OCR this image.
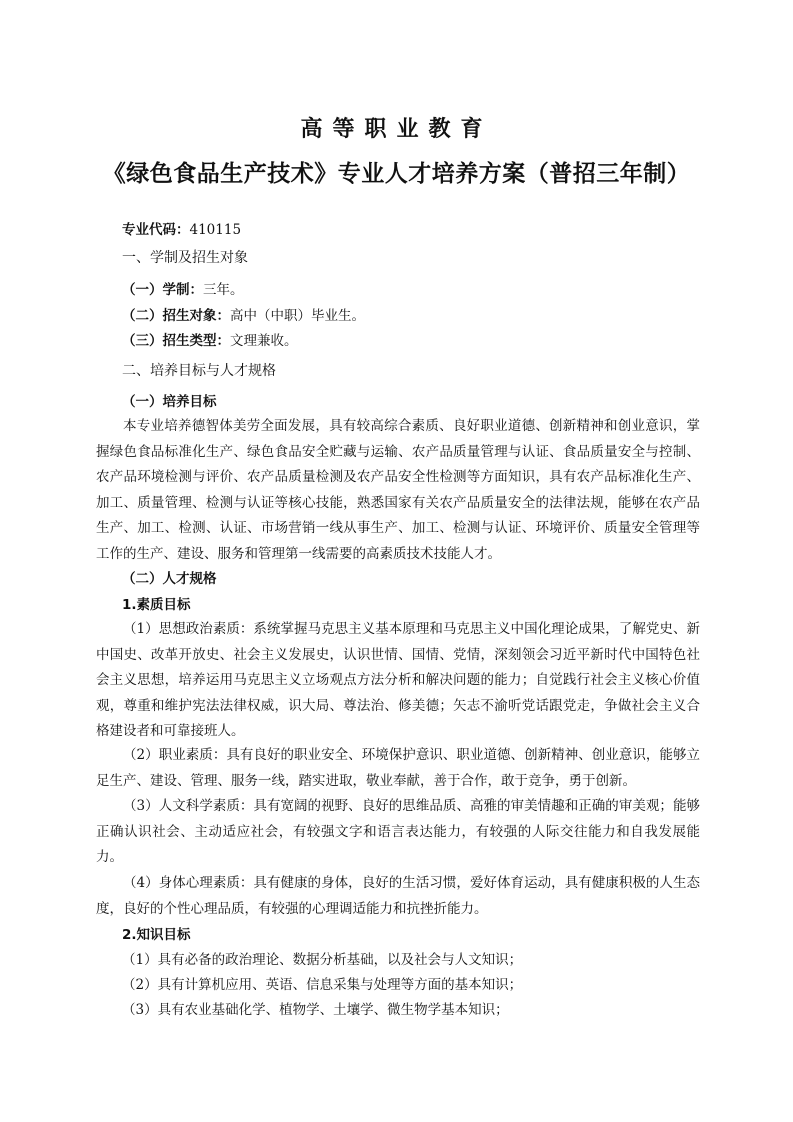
高等职业教育
《绿色食品生产技术》专业人才培养方案（普招三年制）
专业代码：410115
一、学制及招生对象
（一）学制：三年。
（二）招生对象：高中（中职）毕业生。
（三）招生类型：文理兼收。
二、培养目标与人才规格
（一）培养目标
本专业培养德智体美劳全面发展，具有较高综合素质、良好职业道德、创新精神和创业意识，掌握绿色食品标准化生产、绿色食品安全贮藏与运输、农产品质量管理与认证、食品质量安全与控制、农产品环境检测与评价、农产品质量检测及农产品安全性检测等方面知识，具有农产品标准化生产、加工、质量管理、检测与认证等核心技能，熟悉国家有关农产品质量安全的法律法规，能够在农产品生产、加工、检测、认证、市场营销一线从事生产、加工、检测与认证、环境评价、质量安全管理等工作的生产、建设、服务和管理第一线需要的高素质技术技能人才。
（二）人才规格
1.素质目标
（1）思想政治素质：系统掌握马克思主义基本原理和马克思主义中国化理论成果，了解党史、新中国史、改革开放史、社会主义发展史，认识世情、国情、党情，深刻领会习近平新时代中国特色社会主义思想，培养运用马克思主义立场观点方法分析和解决问题的能力；自觉践行社会主义核心价值观，尊重和维护宪法法律权威，识大局、尊法治、修美德；矢志不渝听党话跟党走，争做社会主义合格建设者和可靠接班人。
（2）职业素质：具有良好的职业安全、环境保护意识、职业道德、创新精神、创业意识，能够立足生产、建设、管理、服务一线，踏实进取，敬业奉献，善于合作，敢于竞争，勇于创新。
（3）人文科学素质：具有宽阔的视野、良好的思维品质、高雅的审美情趣和正确的审美观；能够正确认识社会、主动适应社会，有较强文字和语言表达能力，有较强的人际交往能力和自我发展能力。
（4）身体心理素质：具有健康的身体，良好的生活习惯，爱好体育运动，具有健康积极的人生态度，良好的个性心理品质，有较强的心理调适能力和抗挫折能力。
2.知识目标
（1）具有必备的政治理论、数据分析基础，以及社会与人文知识；
（2）具有计算机应用、英语、信息采集与处理等方面的基本知识；
（3）具有农业基础化学、植物学、土壤学、微生物学基本知识；
